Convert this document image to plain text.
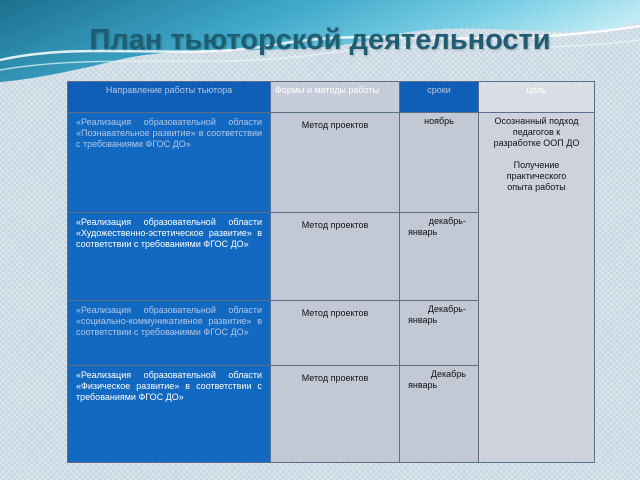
План тьюторской деятельности
Направление работы тьютора	Формы и методы работы	сроки	цель
«Реализация образовательной области «Познавательное развитие» в соответствии с требованиями ФГОС ДО»	Метод проектов	ноябрь	Осознанный подход педагогов к разработке ООП ДО

Получение практического опыта работы

«Реализация образовательной области «Художественно-эстетическое развитие» в соответствии с требованиями ФГОС ДО»	Метод проектов	декабрь-
январь	

«Реализация образовательной области «социально-коммуникативное развитие» в соответствии с требованиями ФГОС ДО»	Метод проектов	Декабрь-
январь	

«Реализация образовательной области «Физическое развитие» в соответствии с требованиями ФГОС ДО»	Метод проектов	Декабрь
январь	
